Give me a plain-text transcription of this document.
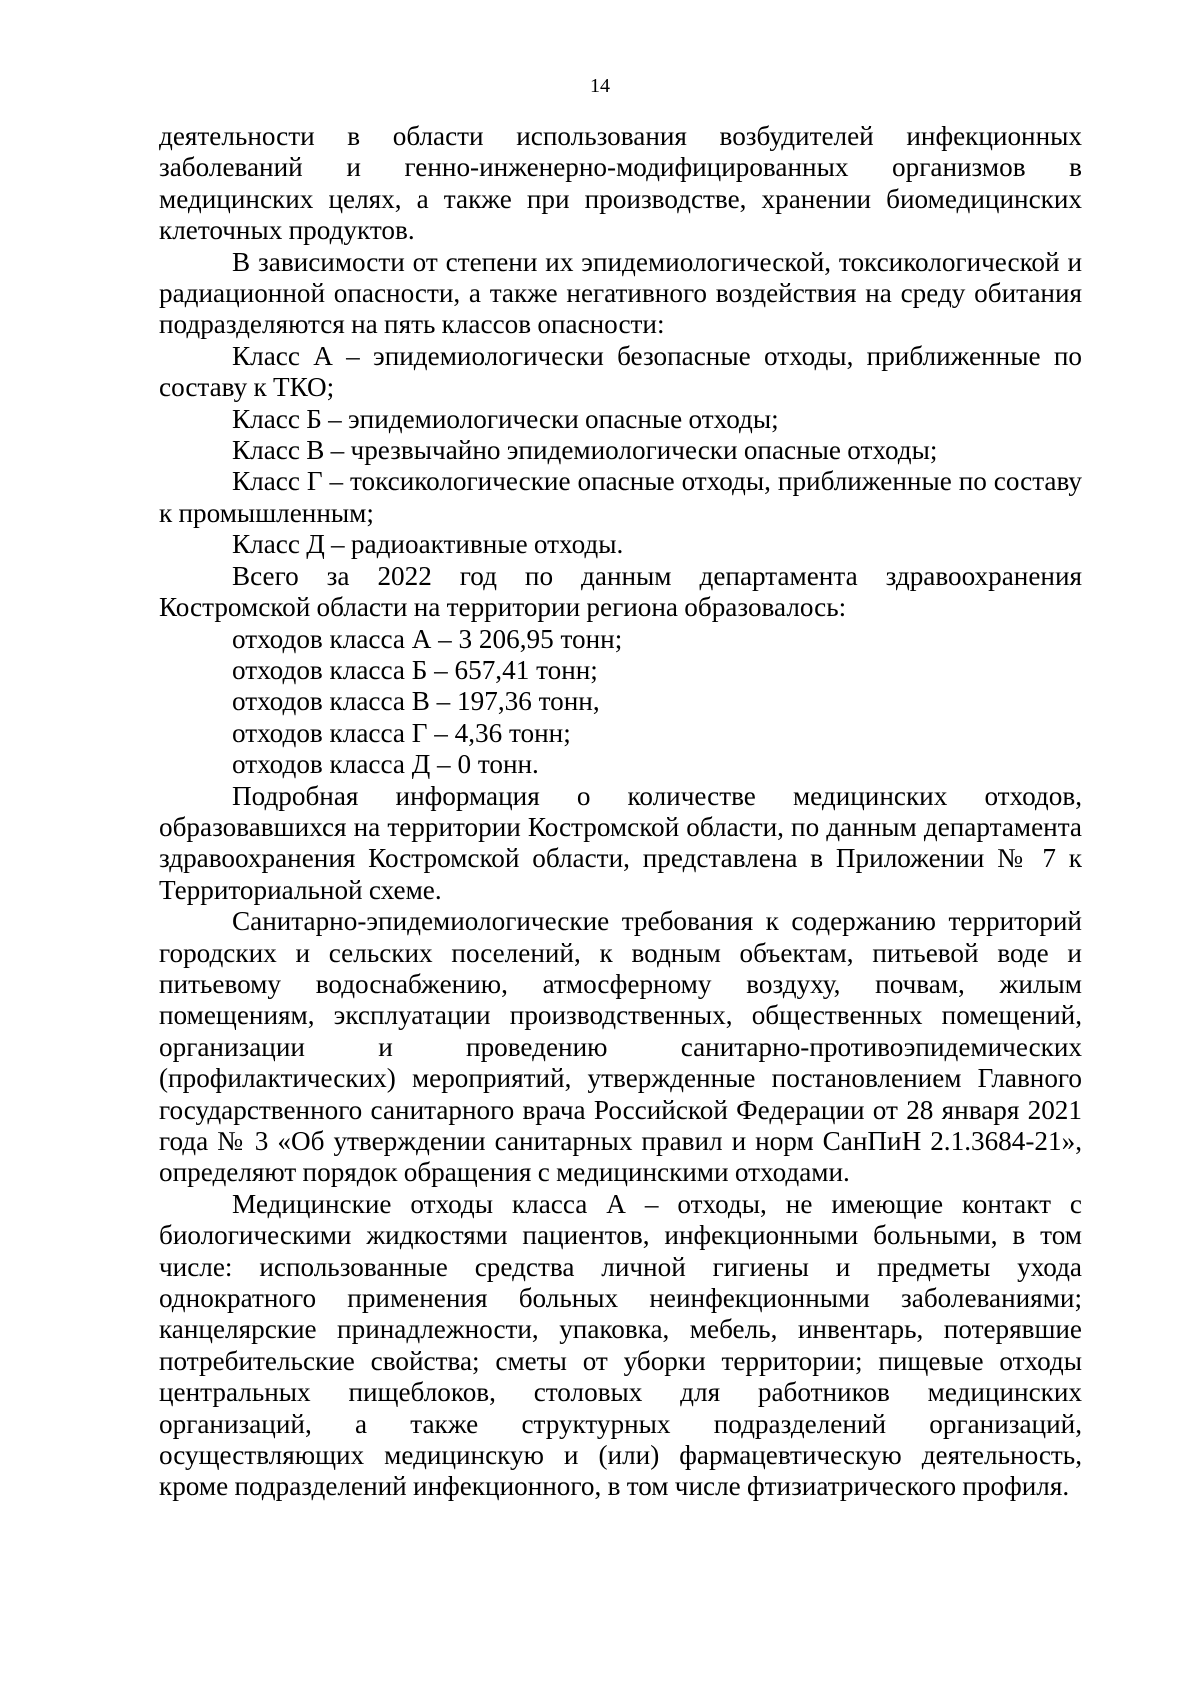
14

деятельности в области использования возбудителей инфекционных заболеваний и генно-инженерно-модифицированных организмов в медицинских целях, а также при производстве, хранении биомедицинских клеточных продуктов.

В зависимости от степени их эпидемиологической, токсикологической и радиационной опасности, а также негативного воздействия на среду обитания подразделяются на пять классов опасности:

Класс А – эпидемиологически безопасные отходы, приближенные по составу к ТКО;

Класс Б – эпидемиологически опасные отходы;

Класс В – чрезвычайно эпидемиологически опасные отходы;

Класс Г – токсикологические опасные отходы, приближенные по составу к промышленным;

Класс Д – радиоактивные отходы.

Всего за 2022 год по данным департамента здравоохранения Костромской области на территории региона образовалось:

отходов класса А – 3 206,95 тонн;

отходов класса Б – 657,41 тонн;

отходов класса В – 197,36 тонн,

отходов класса Г – 4,36 тонн;

отходов класса Д – 0 тонн.

Подробная информация о количестве медицинских отходов, образовавшихся на территории Костромской области, по данным департамента здравоохранения Костромской области, представлена в Приложении № 7 к Территориальной схеме.

Санитарно-эпидемиологические требования к содержанию территорий городских и сельских поселений, к водным объектам, питьевой воде и питьевому водоснабжению, атмосферному воздуху, почвам, жилым помещениям, эксплуатации производственных, общественных помещений, организации и проведению санитарно-противоэпидемических (профилактических) мероприятий, утвержденные постановлением Главного государственного санитарного врача Российской Федерации от 28 января 2021 года № 3 «Об утверждении санитарных правил и норм СанПиН 2.1.3684-21», определяют порядок обращения с медицинскими отходами.

Медицинские отходы класса А – отходы, не имеющие контакт с биологическими жидкостями пациентов, инфекционными больными, в том числе: использованные средства личной гигиены и предметы ухода однократного применения больных неинфекционными заболеваниями; канцелярские принадлежности, упаковка, мебель, инвентарь, потерявшие потребительские свойства; сметы от уборки территории; пищевые отходы центральных пищеблоков, столовых для работников медицинских организаций, а также структурных подразделений организаций, осуществляющих медицинскую и (или) фармацевтическую деятельность, кроме подразделений инфекционного, в том числе фтизиатрического профиля.
